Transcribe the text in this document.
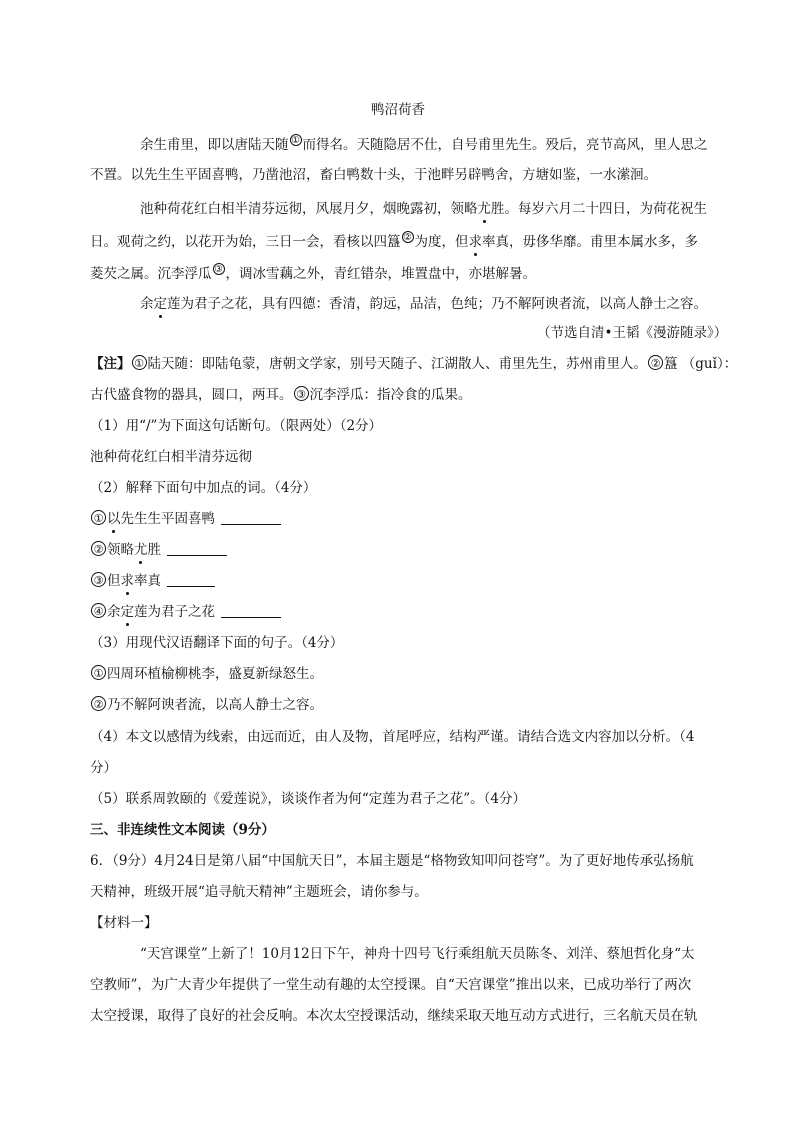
鸭沼荷香
余生甫里，即以唐陆天随 ① 而得名。天随隐居不仕，自号甫里先生。殁后，亮节高风，里人思之
不置。以先生生平固喜鸭，乃凿池沼，畜白鸭数十头，于池畔另辟鸭舍，方塘如鉴，一水潆洄。
池种荷花红白相半清芬远彻，风展月夕，烟晚露初，领略尤胜。每岁六月二十四日，为荷花祝生
日。观荷之约，以花开为始，三日一会，看核以四簋 ② 为度，但求率真，毋侈华靡。甫里本属水多，多
菱芡之属。沉李浮瓜 ③ ，调冰雪藕之外，青红错杂，堆置盘中，亦堪解暑。
余定莲为君子之花，具有四德：香清，韵远，品洁，色纯；乃不解阿谀者流，以高人静士之容。
（节选自清•王韬《漫游随录》）
【注】 ① 陆天随：即陆龟蒙，唐朝文学家，别号天随子、江湖散人、甫里先生，苏州甫里人。 ② 簋 （guǐ）：
古代盛食物的器具，圆口，两耳。 ③ 沉李浮瓜：指冷食的瓜果。
（1）用“/”为下面这句话断句。（限两处）（2分）
池种荷花红白相半清芬远彻
（2）解释下面句中加点的词。（4分）
① 以先生生平固喜鸭
② 领略尤胜
③ 但求率真
④ 余定莲为君子之花
（3）用现代汉语翻译下面的句子。（4分）
① 四周环植榆柳桃李，盛夏新绿怒生。
② 乃不解阿谀者流，以高人静士之容。
（4）本文以感情为线索，由远而近，由人及物，首尾呼应，结构严谨。请结合选文内容加以分析。（4
分）
（5）联系周敦颐的《爱莲说》，谈谈作者为何“定莲为君子之花”。（4分）
三、非连续性文本阅读（9分）
6．（9分）4月24日是第八届“中国航天日”，本届主题是“格物致知叩问苍穹”。为了更好地传承弘扬航
天精神，班级开展“追寻航天精神”主题班会，请你参与。
【材料一】
“天宫课堂”上新了！10月12日下午，神舟十四号飞行乘组航天员陈冬、刘洋、蔡旭哲化身“太
空教师”，为广大青少年提供了一堂生动有趣的太空授课。自“天宫课堂”推出以来，已成功举行了两次
太空授课，取得了良好的社会反响。本次太空授课活动，继续采取天地互动方式进行，三名航天员在轨
